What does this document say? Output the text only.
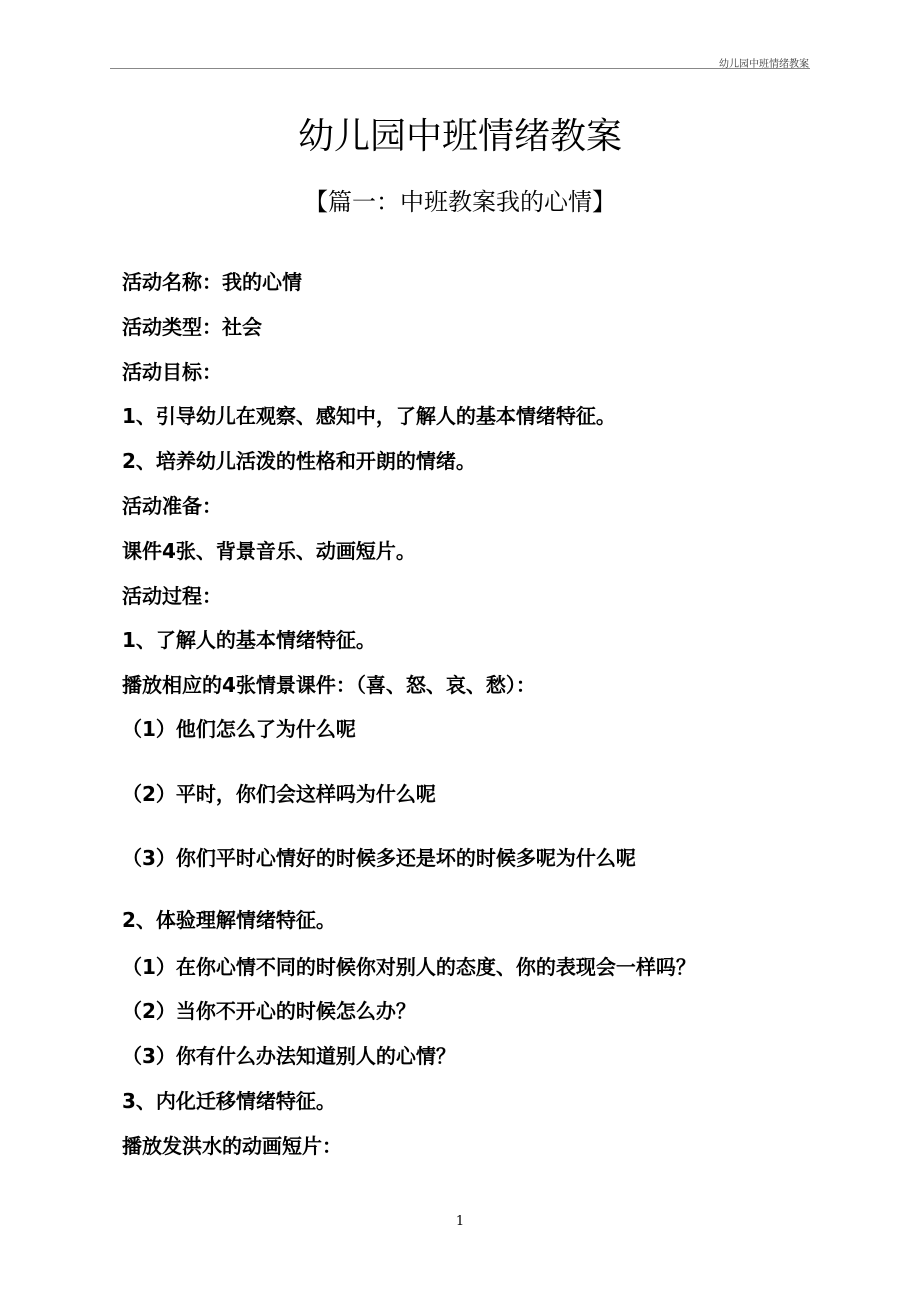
幼儿园中班情绪教案
幼儿园中班情绪教案
【篇一：中班教案我的心情】
活动名称：我的心情
活动类型：社会
活动目标：
1、引导幼儿在观察、感知中，了解人的基本情绪特征。
2、培养幼儿活泼的性格和开朗的情绪。
活动准备：
课件4张、背景音乐、动画短片。
活动过程：
1、了解人的基本情绪特征。
播放相应的4张情景课件：（喜、怒、哀、愁）：
（1）他们怎么了为什么呢
（2）平时，你们会这样吗为什么呢
（3）你们平时心情好的时候多还是坏的时候多呢为什么呢
2、体验理解情绪特征。
（1）在你心情不同的时候你对别人的态度、你的表现会一样吗？
（2）当你不开心的时候怎么办？
（3）你有什么办法知道别人的心情？
3、内化迁移情绪特征。
播放发洪水的动画短片：
1
